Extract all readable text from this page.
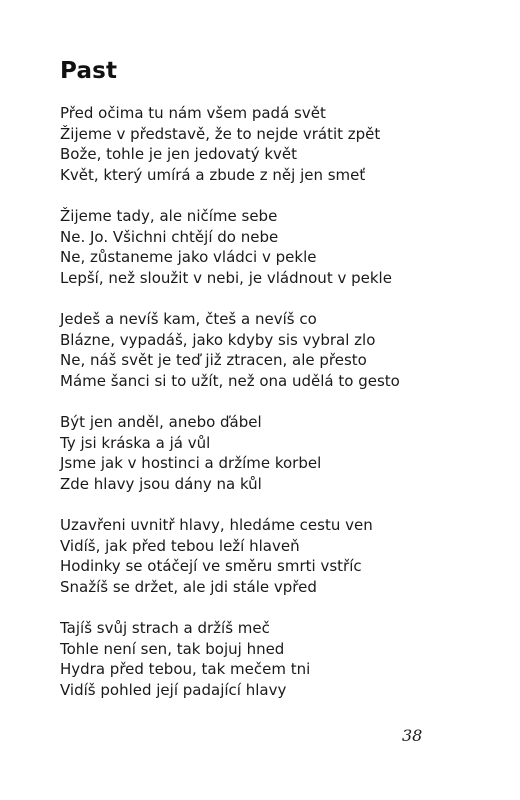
Past
Před očima tu nám všem padá svět
Žijeme v představě, že to nejde vrátit zpět
Bože, tohle je jen jedovatý květ
Květ, který umírá a zbude z něj jen smeť
Žijeme tady, ale ničíme sebe
Ne. Jo. Všichni chtějí do nebe
Ne, zůstaneme jako vládci v pekle
Lepší, než sloužit v nebi, je vládnout v pekle
Jedeš a nevíš kam, čteš a nevíš co
Blázne, vypadáš, jako kdyby sis vybral zlo
Ne, náš svět je teď již ztracen, ale přesto
Máme šanci si to užít, než ona udělá to gesto
Být jen anděl, anebo ďábel
Ty jsi kráska a já vůl
Jsme jak v hostinci a držíme korbel
Zde hlavy jsou dány na kůl
Uzavřeni uvnitř hlavy, hledáme cestu ven
Vidíš, jak před tebou leží hlaveň
Hodinky se otáčejí ve směru smrti vstříc
Snažíš se držet, ale jdi stále vpřed
Tajíš svůj strach a držíš meč
Tohle není sen, tak bojuj hned
Hydra před tebou, tak mečem tni
Vidíš pohled její padající hlavy
38
